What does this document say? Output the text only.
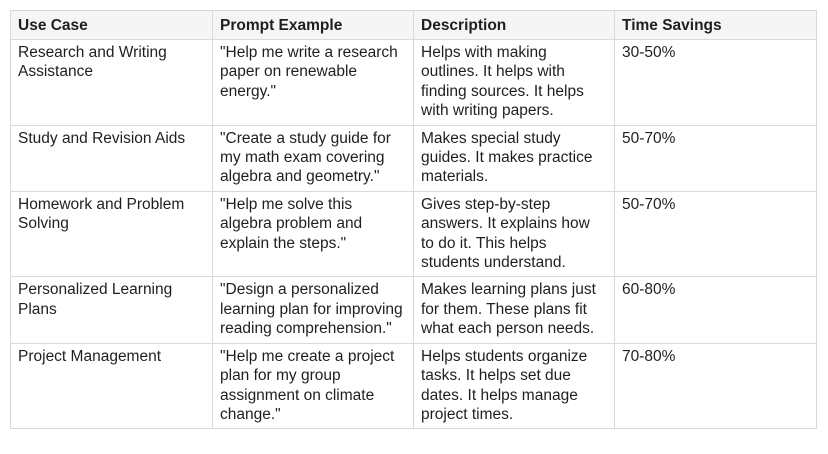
Use Case	Prompt Example	Description	Time Savings
Research and Writing Assistance	"Help me write a research paper on renewable energy."	Helps with making outlines. It helps with finding sources. It helps with writing papers.	30-50%
Study and Revision Aids	"Create a study guide for my math exam covering algebra and geometry."	Makes special study guides. It makes practice materials.	50-70%
Homework and Problem Solving	"Help me solve this algebra problem and explain the steps."	Gives step-by-step answers. It explains how to do it. This helps students understand.	50-70%
Personalized Learning Plans	"Design a personalized learning plan for improving reading comprehension."	Makes learning plans just for them. These plans fit what each person needs.	60-80%
Project Management	"Help me create a project plan for my group assignment on climate change."	Helps students organize tasks. It helps set due dates. It helps manage project times.	70-80%
